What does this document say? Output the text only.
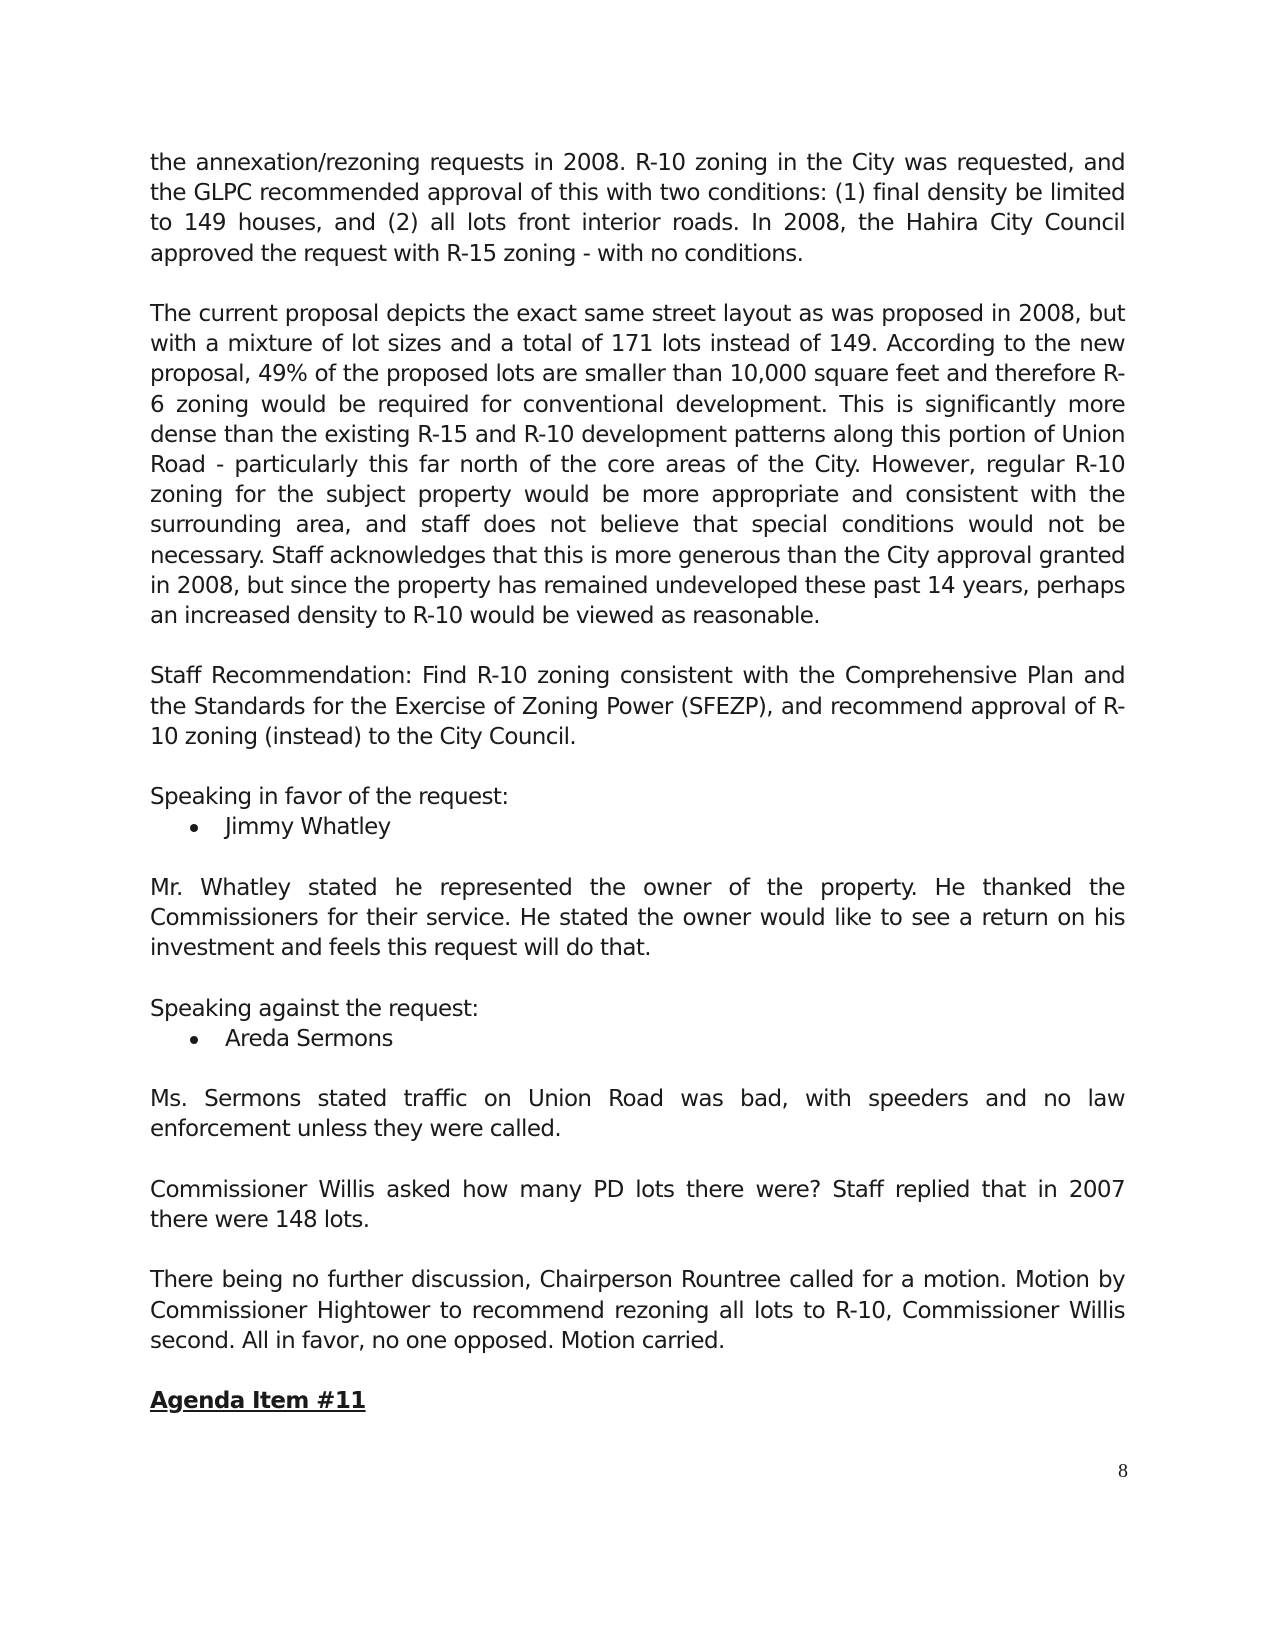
the annexation/rezoning requests in 2008. R-10 zoning in the City was requested, and the GLPC recommended approval of this with two conditions: (1) final density be limited to 149 houses, and (2) all lots front interior roads. In 2008, the Hahira City Council approved the request with R-15 zoning - with no conditions.

The current proposal depicts the exact same street layout as was proposed in 2008, but with a mixture of lot sizes and a total of 171 lots instead of 149. According to the new proposal, 49% of the proposed lots are smaller than 10,000 square feet and therefore R-6 zoning would be required for conventional development. This is significantly more dense than the existing R-15 and R-10 development patterns along this portion of Union Road - particularly this far north of the core areas of the City. However, regular R-10 zoning for the subject property would be more appropriate and consistent with the surrounding area, and staff does not believe that special conditions would not be necessary. Staff acknowledges that this is more generous than the City approval granted in 2008, but since the property has remained undeveloped these past 14 years, perhaps an increased density to R-10 would be viewed as reasonable.

Staff Recommendation: Find R-10 zoning consistent with the Comprehensive Plan and the Standards for the Exercise of Zoning Power (SFEZP), and recommend approval of R-10 zoning (instead) to the City Council.

Speaking in favor of the request:

Jimmy Whatley

Mr. Whatley stated he represented the owner of the property. He thanked the Commissioners for their service. He stated the owner would like to see a return on his investment and feels this request will do that.

Speaking against the request:

Areda Sermons

Ms. Sermons stated traffic on Union Road was bad, with speeders and no law enforcement unless they were called.

Commissioner Willis asked how many PD lots there were? Staff replied that in 2007 there were 148 lots.

There being no further discussion, Chairperson Rountree called for a motion. Motion by Commissioner Hightower to recommend rezoning all lots to R-10, Commissioner Willis second. All in favor, no one opposed. Motion carried.

Agenda Item #11

8
